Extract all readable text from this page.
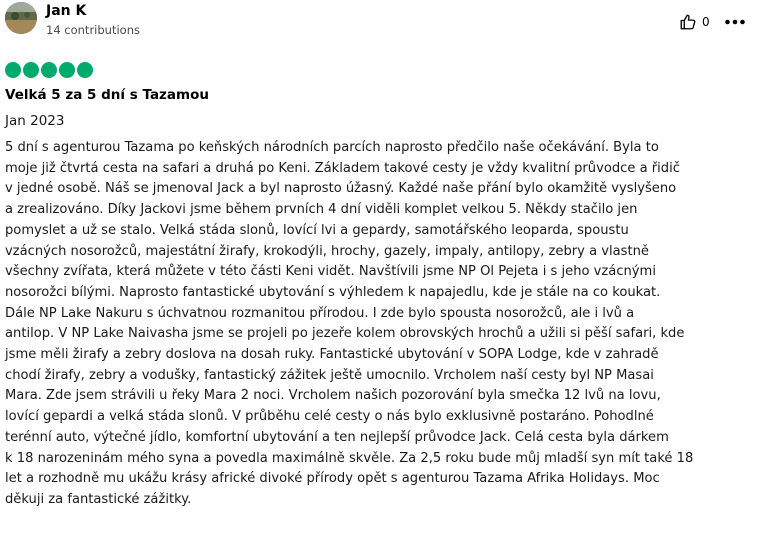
Jan K
14 contributions
0
Velká 5 za 5 dní s Tazamou
Jan 2023

5 dní s agenturou Tazama po keňských národních parcích naprosto předčilo naše očekávání. Byla to
moje již čtvrtá cesta na safari a druhá po Keni. Základem takové cesty je vždy kvalitní průvodce a řidič
v jedné osobě. Náš se jmenoval Jack a byl naprosto úžasný. Každé naše přání bylo okamžitě vyslyšeno
a zrealizováno. Díky Jackovi jsme během prvních 4 dní viděli komplet velkou 5. Někdy stačilo jen
pomyslet a už se stalo. Velká stáda slonů, lovící lvi a gepardy, samotářského leoparda, spoustu
vzácných nosorožců, majestátní žirafy, krokodýli, hrochy, gazely, impaly, antilopy, zebry a vlastně
všechny zvířata, která můžete v této části Keni vidět. Navštívili jsme NP Ol Pejeta i s jeho vzácnými
nosorožci bílými. Naprosto fantastické ubytování s výhledem k napajedlu, kde je stále na co koukat.
Dále NP Lake Nakuru s úchvatnou rozmanitou přírodou. I zde bylo spousta nosorožců, ale i lvů a
antilop. V NP Lake Naivasha jsme se projeli po jezeře kolem obrovských hrochů a užili si pěší safari, kde
jsme měli žirafy a zebry doslova na dosah ruky. Fantastické ubytování v SOPA Lodge, kde v zahradě
chodí žirafy, zebry a vodušky, fantastický zážitek ještě umocnilo. Vrcholem naší cesty byl NP Masai
Mara. Zde jsem strávili u řeky Mara 2 noci. Vrcholem našich pozorování byla smečka 12 lvů na lovu,
lovící gepardi a velká stáda slonů. V průběhu celé cesty o nás bylo exklusivně postaráno. Pohodlné
terénní auto, výtečné jídlo, komfortní ubytování a ten nejlepší průvodce Jack. Celá cesta byla dárkem
k 18 narozeninám mého syna a povedla maximálně skvěle. Za 2,5 roku bude můj mladší syn mít také 18
let a rozhodně mu ukážu krásy africké divoké přírody opět s agenturou Tazama Afrika Holidays. Moc
děkuji za fantastické zážitky.
